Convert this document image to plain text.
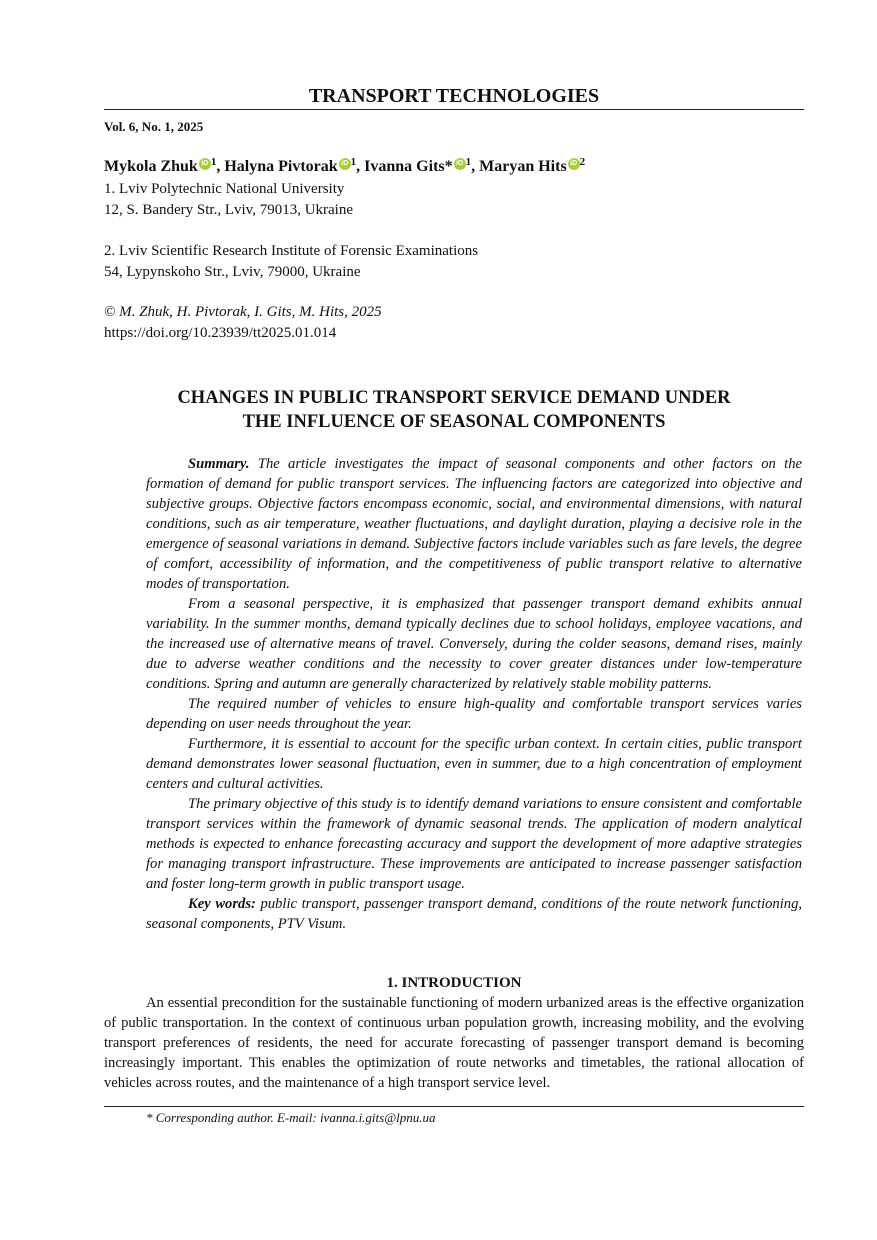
TRANSPORT TECHNOLOGIES
Vol. 6, No. 1, 2025
Mykola Zhuk iD $^1$, Halyna Pivtorak iD $^1$, Ivanna Gits* iD $^1$, Maryan Hits iD $^2$
1. Lviv Polytechnic National University
12, S. Bandery Str., Lviv, 79013, Ukraine
2. Lviv Scientific Research Institute of Forensic Examinations
54, Lypynskoho Str., Lviv, 79000, Ukraine
© M. Zhuk, H. Pivtorak, I. Gits, M. Hits, 2025
https://doi.org/10.23939/tt2025.01.014
CHANGES IN PUBLIC TRANSPORT SERVICE DEMAND UNDER
THE INFLUENCE OF SEASONAL COMPONENTS

Summary. The article investigates the impact of seasonal components and other factors on the formation of demand for public transport services. The influencing factors are categorized into objective and subjective groups. Objective factors encompass economic, social, and environmental dimensions, with natural conditions, such as air temperature, weather fluctuations, and daylight duration, playing a decisive role in the emergence of seasonal variations in demand. Subjective factors include variables such as fare levels, the degree of comfort, accessibility of information, and the competitiveness of public transport relative to alternative modes of transportation.

From a seasonal perspective, it is emphasized that passenger transport demand exhibits annual variability. In the summer months, demand typically declines due to school holidays, employee vacations, and the increased use of alternative means of travel. Conversely, during the colder seasons, demand rises, mainly due to adverse weather conditions and the necessity to cover greater distances under low-temperature conditions. Spring and autumn are generally characterized by relatively stable mobility patterns.

The required number of vehicles to ensure high-quality and comfortable transport services varies depending on user needs throughout the year.

Furthermore, it is essential to account for the specific urban context. In certain cities, public transport demand demonstrates lower seasonal fluctuation, even in summer, due to a high concentration of employment centers and cultural activities.

The primary objective of this study is to identify demand variations to ensure consistent and comfortable transport services within the framework of dynamic seasonal trends. The application of modern analytical methods is expected to enhance forecasting accuracy and support the development of more adaptive strategies for managing transport infrastructure. These improvements are anticipated to increase passenger satisfaction and foster long-term growth in public transport usage.

Key words: public transport, passenger transport demand, conditions of the route network functioning, seasonal components, PTV Visum.

1. INTRODUCTION

An essential precondition for the sustainable functioning of modern urbanized areas is the effective organization of public transportation. In the context of continuous urban population growth, increasing mobility, and the evolving transport preferences of residents, the need for accurate forecasting of passenger transport demand is becoming increasingly important. This enables the optimization of route networks and timetables, the rational allocation of vehicles across routes, and the maintenance of a high transport service level.

* Corresponding author. E-mail: ivanna.i.gits@lpnu.ua
